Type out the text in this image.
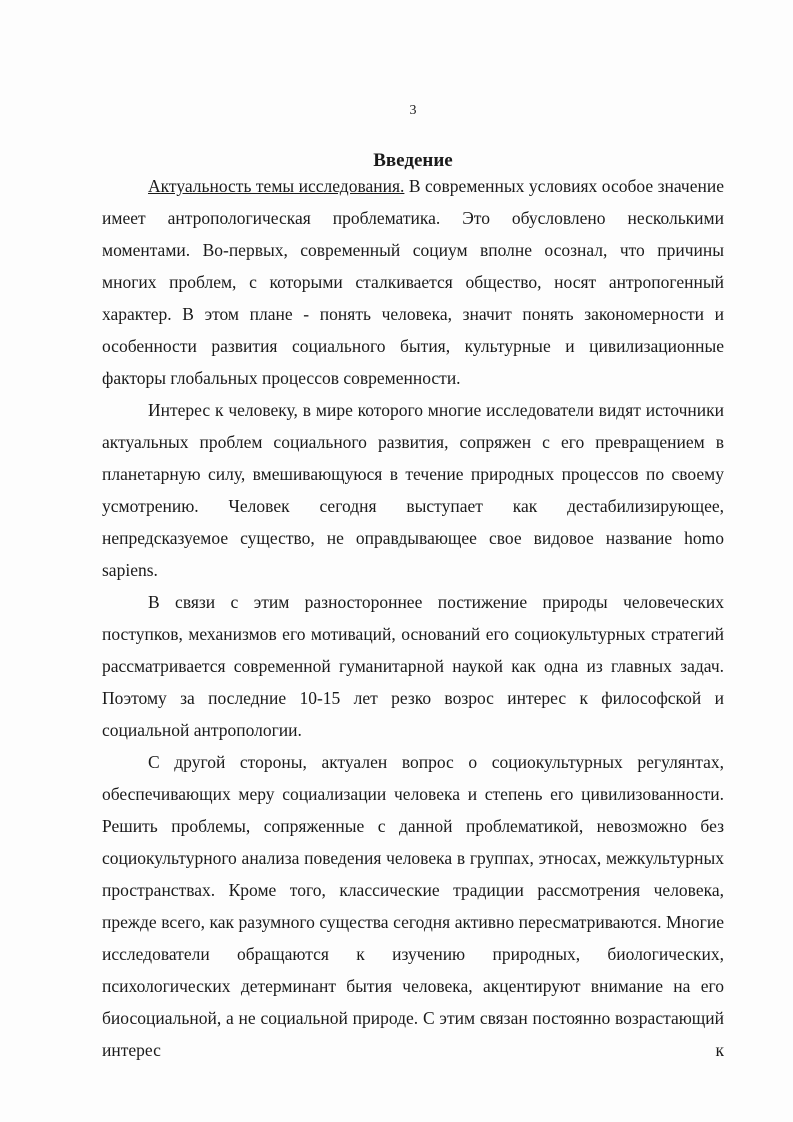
3
Введение

Актуальность темы исследования. В современных условиях особое значение имеет антропологическая проблематика. Это обусловлено несколькими моментами. Во-первых, современный социум вполне осознал, что причины многих проблем, с которыми сталкивается общество, носят антропогенный характер. В этом плане - понять человека, значит понять закономерности и особенности развития социального бытия, культурные и цивилизационные факторы глобальных процессов современности.

Интерес к человеку, в мире которого многие исследователи видят источники актуальных проблем социального развития, сопряжен с его превращением в планетарную силу, вмешивающуюся в течение природных процессов по своему усмотрению. Человек сегодня выступает как дестабилизирующее, непредсказуемое существо, не оправдывающее свое видовое название homo sapiens.

В связи с этим разностороннее постижение природы человеческих поступков, механизмов его мотиваций, оснований его социокультурных стратегий рассматривается современной гуманитарной наукой как одна из главных задач. Поэтому за последние 10-15 лет резко возрос интерес к философской и социальной антропологии.

С другой стороны, актуален вопрос о социокультурных регулянтах, обеспечивающих меру социализации человека и степень его цивилизованности. Решить проблемы, сопряженные с данной проблематикой, невозможно без социокультурного анализа поведения человека в группах, этносах, межкультурных пространствах. Кроме того, классические традиции рассмотрения человека, прежде всего, как разумного существа сегодня активно пересматриваются. Многие исследователи обращаются к изучению природных, биологических, психологических детерминант бытия человека, акцентируют внимание на его биосоциальной, а не социальной природе. С этим связан постоянно возрастающий интерес к
